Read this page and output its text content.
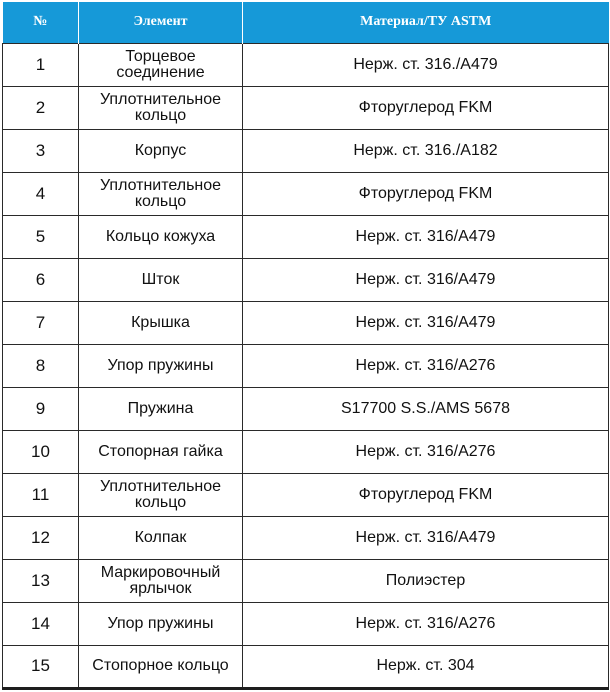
№	Элемент	Материал/ТУ ASTM
1	Торцевое соединение	Нерж. ст. 316./A479
2	Уплотнительное кольцо	Фторуглерод FKM
3	Корпус	Нерж. ст. 316./A182
4	Уплотнительное кольцо	Фторуглерод FKM
5	Кольцо кожуха	Нерж. ст. 316/A479
6	Шток	Нерж. ст. 316/A479
7	Крышка	Нерж. ст. 316/A479
8	Упор пружины	Нерж. ст. 316/A276
9	Пружина	S17700 S.S./AMS 5678
10	Стопорная гайка	Нерж. ст. 316/A276
11	Уплотнительное кольцо	Фторуглерод FKM
12	Колпак	Нерж. ст. 316/A479
13	Маркировочный ярлычок	Полиэстер
14	Упор пружины	Нерж. ст. 316/A276
15	Стопорное кольцо	Нерж. ст. 304
